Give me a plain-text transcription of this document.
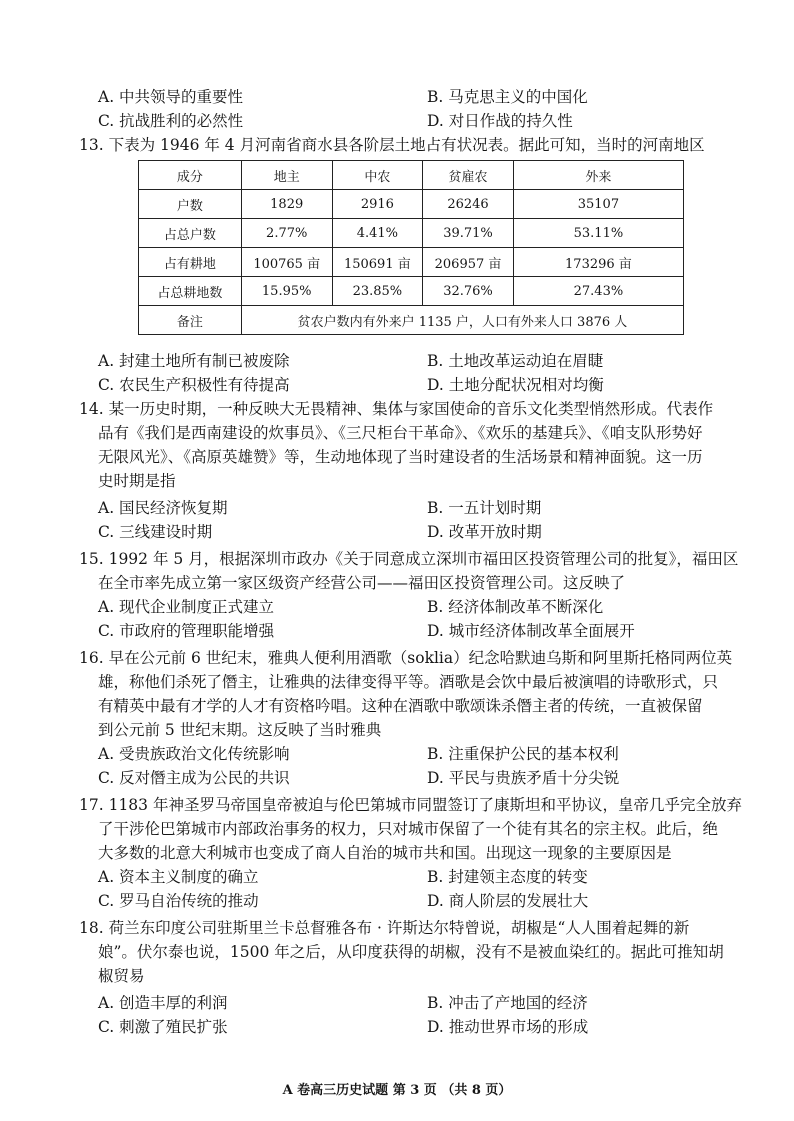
A. 中共领导的重要性	B. 马克思主义的中国化
C. 抗战胜利的必然性	D. 对日作战的持久性
13. 下表为 1946 年 4 月河南省商水县各阶层土地占有状况表。据此可知，当时的河南地区
成分	地主	中农	贫雇农	外来
户数	1829	2916	26246	35107
占总户数	2.77%	4.41%	39.71%	53.11%
占有耕地	100765 亩	150691 亩	206957 亩	173296 亩
占总耕地数	15.95%	23.85%	32.76%	27.43%
备注	贫农户数内有外来户 1135 户，人口有外来人口 3876 人			
A. 封建土地所有制已被废除	B. 土地改革运动迫在眉睫
C. 农民生产积极性有待提高	D. 土地分配状况相对均衡
14. 某一历史时期，一种反映大无畏精神、集体与家国使命的音乐文化类型悄然形成。代表作
品有《我们是西南建设的炊事员》、《三尺柜台干革命》、《欢乐的基建兵》、《咱支队形势好
无限风光》、《高原英雄赞》等，生动地体现了当时建设者的生活场景和精神面貌。这一历
史时期是指
A. 国民经济恢复期	B. 一五计划时期
C. 三线建设时期	D. 改革开放时期
15. 1992 年 5 月，根据深圳市政办《关于同意成立深圳市福田区投资管理公司的批复》，福田区
在全市率先成立第一家区级资产经营公司——福田区投资管理公司。这反映了
A. 现代企业制度正式建立	B. 经济体制改革不断深化
C. 市政府的管理职能增强	D. 城市经济体制改革全面展开
16. 早在公元前 6 世纪末，雅典人便利用酒歌（soklia）纪念哈默迪乌斯和阿里斯托格同两位英
雄，称他们杀死了僭主，让雅典的法律变得平等。酒歌是会饮中最后被演唱的诗歌形式，只
有精英中最有才学的人才有资格吟唱。这种在酒歌中歌颂诛杀僭主者的传统，一直被保留
到公元前 5 世纪末期。这反映了当时雅典
A. 受贵族政治文化传统影响	B. 注重保护公民的基本权利
C. 反对僭主成为公民的共识	D. 平民与贵族矛盾十分尖锐
17. 1183 年神圣罗马帝国皇帝被迫与伦巴第城市同盟签订了康斯坦和平协议，皇帝几乎完全放弃
了干涉伦巴第城市内部政治事务的权力，只对城市保留了一个徒有其名的宗主权。此后，绝
大多数的北意大利城市也变成了商人自治的城市共和国。出现这一现象的主要原因是
A. 资本主义制度的确立	B. 封建领主态度的转变
C. 罗马自治传统的推动	D. 商人阶层的发展壮大
18. 荷兰东印度公司驻斯里兰卡总督雅各布 · 许斯达尔特曾说，胡椒是“人人围着起舞的新
娘”。伏尔泰也说，1500 年之后，从印度获得的胡椒，没有不是被血染红的。据此可推知胡
椒贸易
A. 创造丰厚的利润	B. 冲击了产地国的经济
C. 刺激了殖民扩张	D. 推动世界市场的形成
A 卷高三历史试题 第 3 页 （共 8 页）
